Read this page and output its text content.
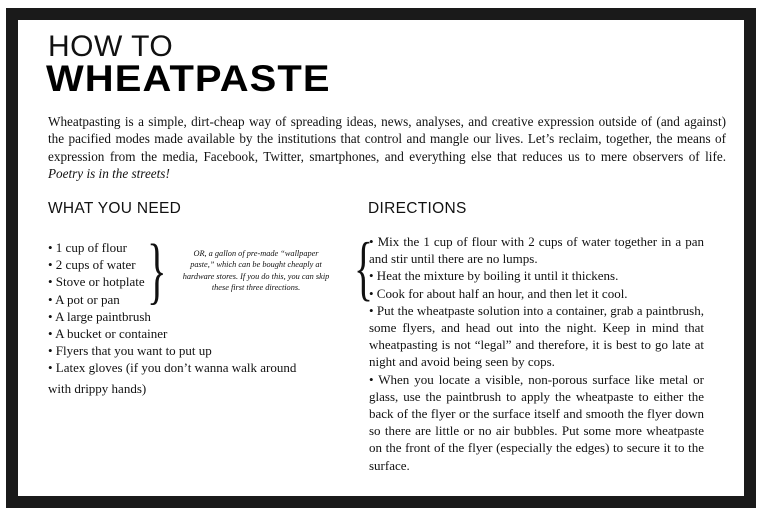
HOW TO
WHEATPASTE
Wheatpasting is a simple, dirt-cheap way of spreading ideas, news, analyses, and creative expression outside of (and against) the pacified modes made available by the institutions that control and mangle our lives. Let’s reclaim, together, the means of expression from the media, Facebook, Twitter, smartphones, and everything else that reduces us to mere observers of life. Poetry is in the streets!
WHAT YOU NEED	DIRECTIONS
• 1 cup of flour
• 2 cups of water
• Stove or hotplate
• A pot or pan
• A large paintbrush
• A bucket or container
• Flyers that you want to put up
• Latex gloves (if you don’t wanna walk around
with drippy hands)
}	OR, a gallon of pre-made “wallpaper paste,” which can be bought cheaply at hardware stores. If you do this, you can skip these first three directions. {

• Mix the 1 cup of flour with 2 cups of water together in a pan and stir until there are no lumps.

• Heat the mixture by boiling it until it thickens.

• Cook for about half an hour, and then let it cool.

• Put the wheatpaste solution into a container, grab a paintbrush, some flyers, and head out into the night. Keep in mind that wheatpasting is not “legal” and therefore, it is best to go late at night and avoid being seen by cops.

• When you locate a visible, non-porous surface like metal or glass, use the paintbrush to apply the wheatpaste to either the back of the flyer or the surface itself and smooth the flyer down so there are little or no air bubbles. Put some more wheatpaste on the front of the flyer (especially the edges) to secure it to the surface.
